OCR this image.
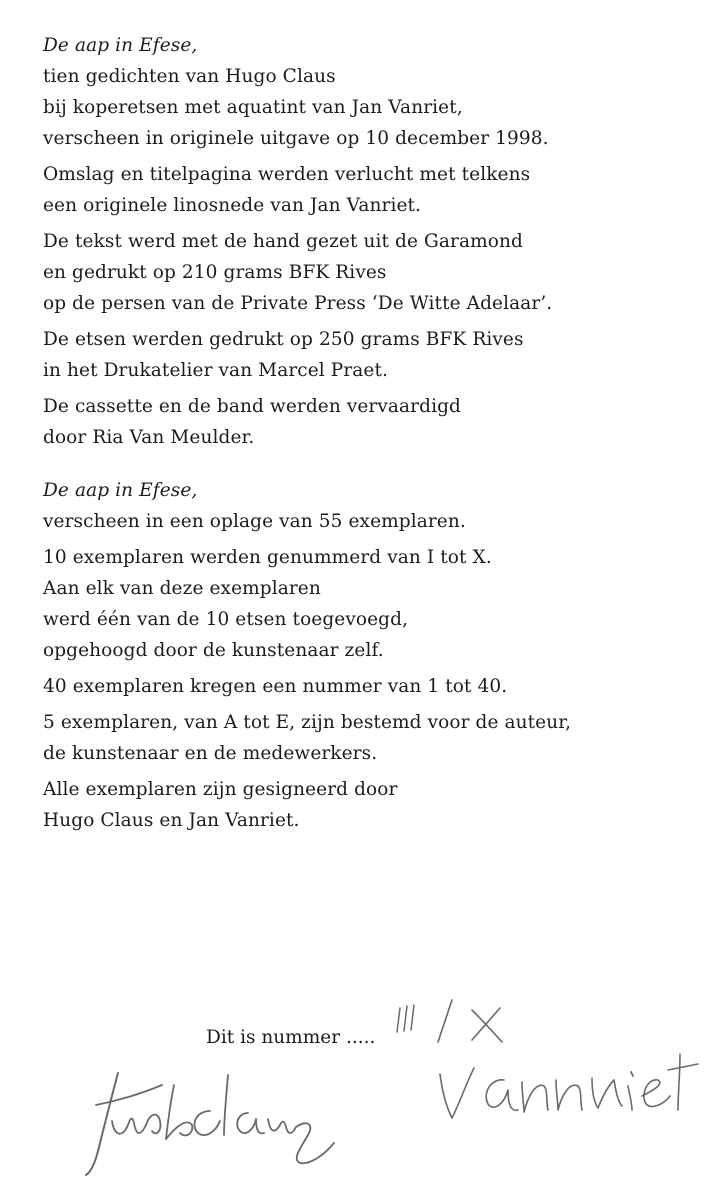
De aap in Efese,
tien gedichten van Hugo Claus
bij koperetsen met aquatint van Jan Vanriet,
verscheen in originele uitgave op 10 december 1998.
Omslag en titelpagina werden verlucht met telkens
een originele linosnede van Jan Vanriet.
De tekst werd met de hand gezet uit de Garamond
en gedrukt op 210 grams BFK Rives
op de persen van de Private Press ‘De Witte Adelaar’.
De etsen werden gedrukt op 250 grams BFK Rives
in het Drukatelier van Marcel Praet.
De cassette en de band werden vervaardigd
door Ria Van Meulder.
De aap in Efese,
verscheen in een oplage van 55 exemplaren.
10 exemplaren werden genummerd van I tot X.
Aan elk van deze exemplaren
werd één van de 10 etsen toegevoegd,
opgehoogd door de kunstenaar zelf.
40 exemplaren kregen een nummer van 1 tot 40.
5 exemplaren, van A tot E, zijn bestemd voor de auteur,
de kunstenaar en de medewerkers.
Alle exemplaren zijn gesigneerd door
Hugo Claus en Jan Vanriet.
Dit is nummer .....
